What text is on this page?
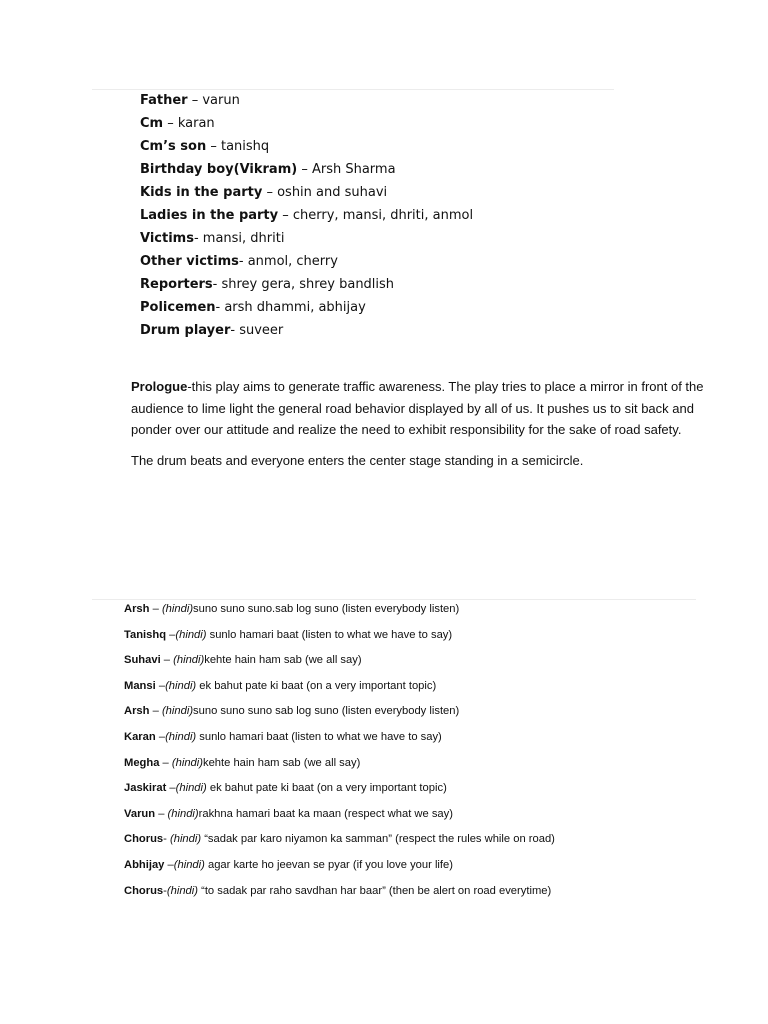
Father – varun
Cm – karan
Cm’s son – tanishq
Birthday boy(Vikram) – Arsh Sharma
Kids in the party – oshin and suhavi
Ladies in the party – cherry, mansi, dhriti, anmol
Victims- mansi, dhriti
Other victims- anmol, cherry
Reporters- shrey gera, shrey bandlish
Policemen- arsh dhammi, abhijay
Drum player- suveer

Prologue-this play aims to generate traffic awareness. The play tries to place a mirror in front of the audience to lime light the general road behavior displayed by all of us. It pushes us to sit back and ponder over our attitude and realize the need to exhibit responsibility for the sake of road safety.

The drum beats and everyone enters the center stage standing in a semicircle.

Arsh – (hindi)suno suno suno.sab log suno (listen everybody listen)
Tanishq –(hindi) sunlo hamari baat (listen to what we have to say)
Suhavi – (hindi)kehte hain ham sab (we all say)
Mansi –(hindi) ek bahut pate ki baat (on a very important topic)
Arsh – (hindi)suno suno suno sab log suno (listen everybody listen)
Karan –(hindi) sunlo hamari baat (listen to what we have to say)
Megha – (hindi)kehte hain ham sab (we all say)
Jaskirat –(hindi) ek bahut pate ki baat (on a very important topic)
Varun – (hindi)rakhna hamari baat ka maan (respect what we say)
Chorus- (hindi) “sadak par karo niyamon ka samman” (respect the rules while on road)
Abhijay –(hindi) agar karte ho jeevan se pyar (if you love your life)
Chorus-(hindi) “to sadak par raho savdhan har baar” (then be alert on road everytime)
